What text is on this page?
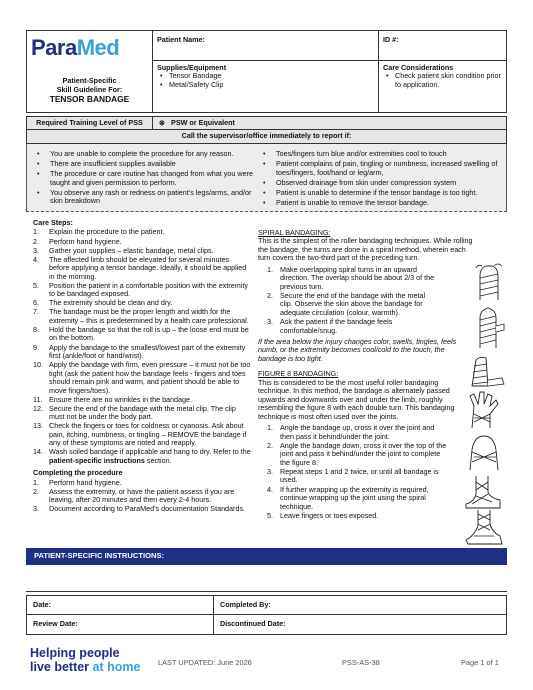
ParaMed
Patient-Specific
Skill Guideline For:
TENSOR BANDAGE
Patient Name:	ID #:
Supplies/Equipment
• Tensor Bandage
• Metal/Safety Clip
Care Considerations
• Check patient skin condition prior to application.
Required Training Level of PSS	⊗ PSW or Equivalent
Call the supervisor/office immediately to report if:
• You are unable to complete the procedure for any reason.
• There are insufficient supplies available
• The procedure or care routine has changed from what you were taught and given permission to perform.
• You observe any rash or redness on patient’s legs/arms, and/or skin breakdown
• Toes/fingers turn blue and/or extremities cool to touch
• Patient complains of pain, tingling or numbness, increased swelling of toes/fingers, foot/hand or leg/arm,
• Observed drainage from skin under compression system
• Patient is unable to determine if the tensor bandage is too tight.
• Patient is unable to remove the tensor bandage.
Care Steps:
1. Explain the procedure to the patient.
2. Perform hand hygiene.
3. Gather your supplies – elastic bandage, metal clips.
4. The affected limb should be elevated for several minutes before applying a tensor bandage. Ideally, it should be applied in the morning.
5. Position the patient in a comfortable position with the extremity to be bandaged exposed.
6. The extremity should be clean and dry.
7. The bandage must be the proper length and width for the extremity – this is predetermined by a health care professional.
8. Hold the bandage so that the roll is up – the loose end must be on the bottom.
9. Apply the bandage to the smallest/lowest part of the extremity first (ankle/foot or hand/wrist).
10. Apply the bandage with firm, even pressure – it must not be too tight (ask the patient how the bandage feels - fingers and toes should remain pink and warm, and patient should be able to move fingers/toes).
11. Ensure there are no wrinkles in the bandage.
12. Secure the end of the bandage with the metal clip. The clip must not be under the body part.
13. Check the fingers or toes for coldness or cyanosis. Ask about pain, itching, numbness, or tingling – REMOVE the bandage if any of these symptoms are noted and reapply.
14. Wash soiled bandage if applicable and hang to dry. Refer to the patient-specific instructions section.
Completing the procedure
1. Perform hand hygiene.
2. Assess the extremity, or have the patient assess if you are leaving, after 20 minutes and then every 2-4 hours.
3. Document according to ParaMed’s documentation Standards.
SPIRAL BANDAGING:
This is the simplest of the roller bandaging techniques. While rolling the bandage, the turns are done in a spiral method, wherein each turn covers the two-third part of the preceding turn.
1. Make overlapping spiral turns in an upward direction. The overlap should be about 2/3 of the previous turn.
2. Secure the end of the bandage with the metal clip. Observe the skin above the bandage for adequate circulation (colour, warmth).
3. Ask the patient if the bandage feels comfortable/snug.
If the area below the injury changes color, swells, tingles, feels numb, or the extremity becomes cool/cold to the touch, the bandage is too tight.
FIGURE 8 BANDAGING:
This is considered to be the most useful roller bandaging technique. In this method, the bandage is alternately passed upwards and downwards over and under the limb, roughly resembling the figure 8 with each double turn. This bandaging technique is most often used over the joints.
1. Angle the bandage up, cross it over the joint and then pass it behind/under the joint.
2. Angle the bandage down, cross it over the top of the joint and pass it behind/under the joint to complete the figure 8.
3. Repeat steps 1 and 2 twice, or until all bandage is used.
4. If further wrapping up the extremity is required, continue wrapping up the joint using the spiral technique.
5. Leave fingers or toes exposed.
PATIENT-SPECIFIC INSTRUCTIONS:
Date:	Completed By:
Review Date:	Discontinued Date:
Helping people
live better at home LAST UPDATED: June 2026	PSS-AS-38	Page 1 of 1
